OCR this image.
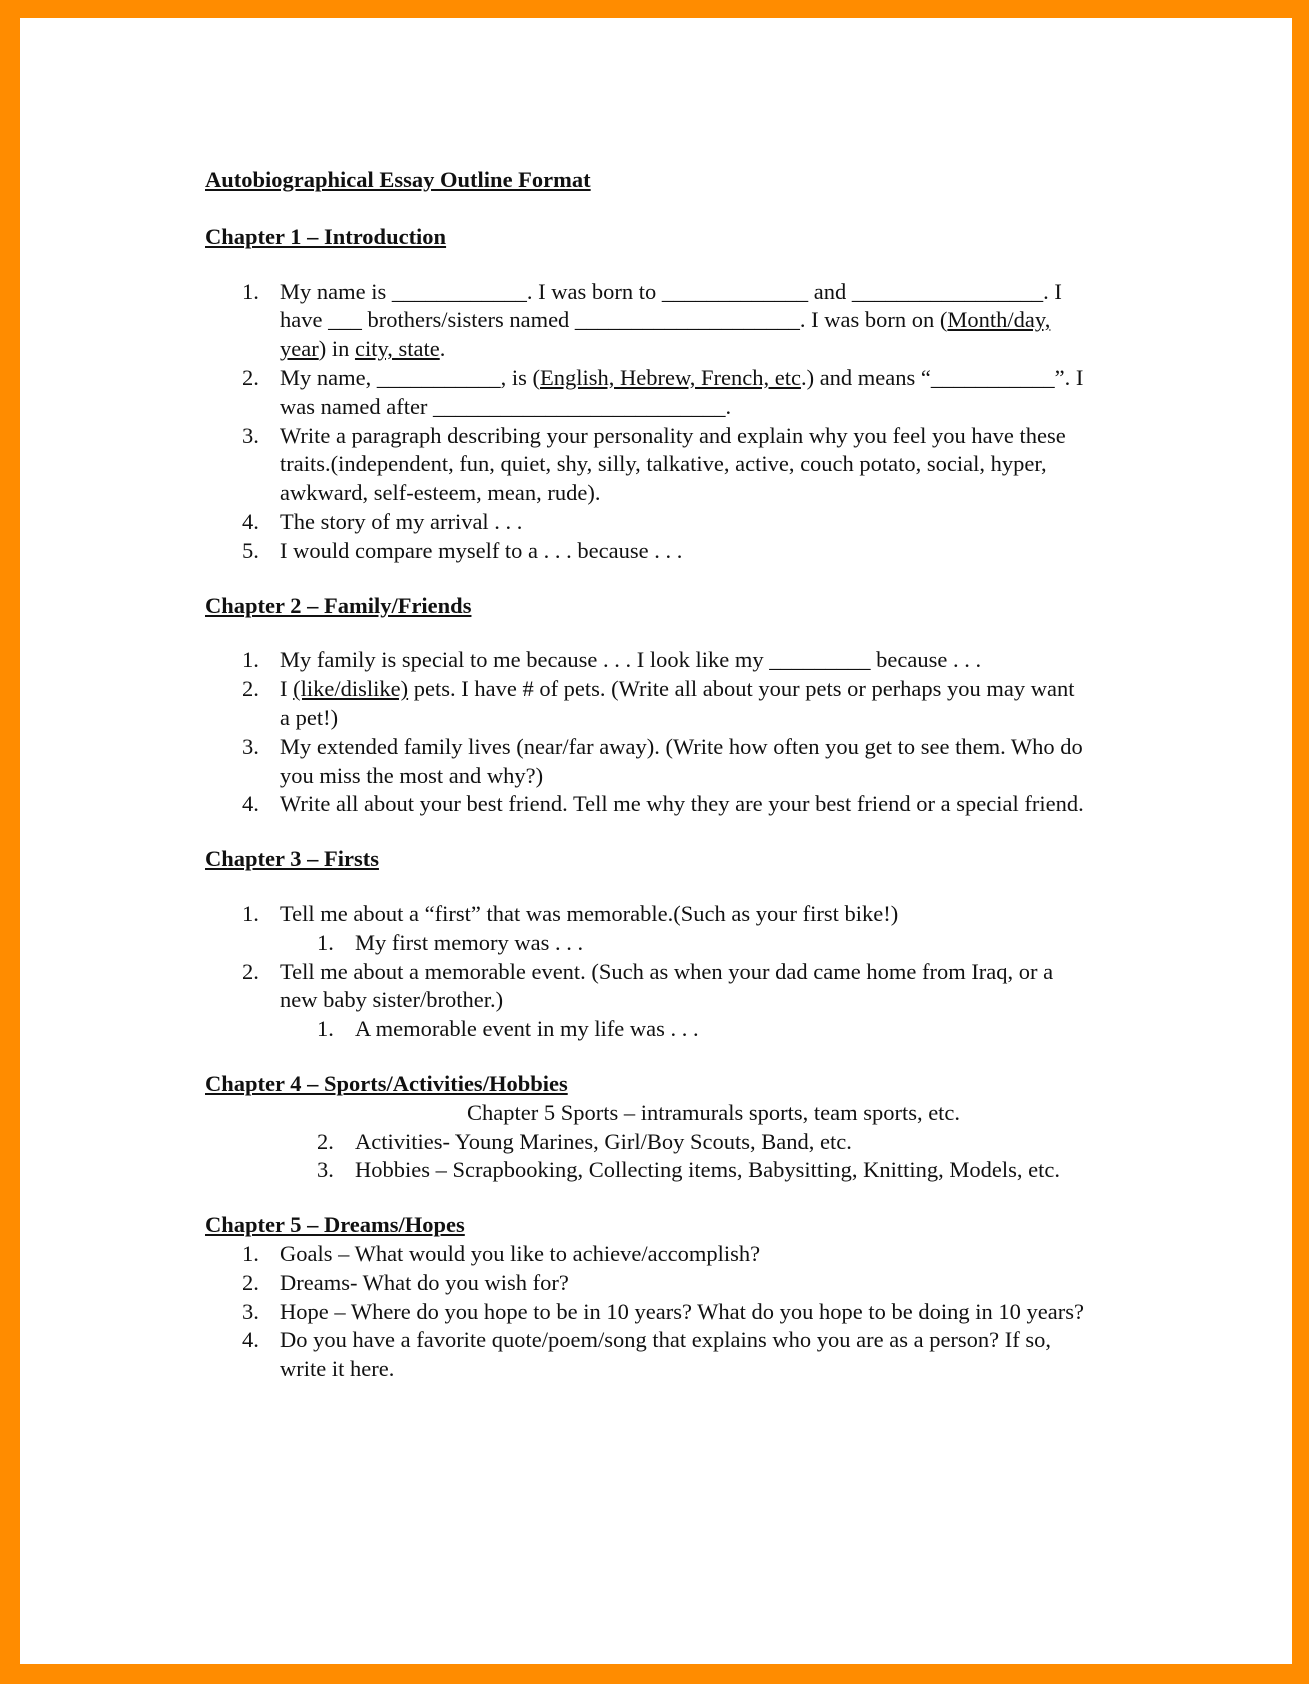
Autobiographical Essay Outline Format
Chapter 1 – Introduction
1. My name is ____________. I was born to _____________ and _________________. I have ___ brothers/sisters named ____________________. I was born on (Month/day, year) in city, state.
2. My name, ___________, is (English, Hebrew, French, etc.) and means “___________”. I was named after __________________________.
3. Write a paragraph describing your personality and explain why you feel you have these traits.(independent, fun, quiet, shy, silly, talkative, active, couch potato, social, hyper, awkward, self-esteem, mean, rude).
4. The story of my arrival . . .
5. I would compare myself to a . . . because . . .
Chapter 2 – Family/Friends
1. My family is special to me because . . . I look like my _________ because . . .
2. I (like/dislike) pets. I have # of pets. (Write all about your pets or perhaps you may want a pet!)
3. My extended family lives (near/far away). (Write how often you get to see them. Who do you miss the most and why?)
4. Write all about your best friend. Tell me why they are your best friend or a special friend.
Chapter 3 – Firsts
1. Tell me about a “first” that was memorable.(Such as your first bike!)
1. My first memory was . . .
2. Tell me about a memorable event. (Such as when your dad came home from Iraq, or a new baby sister/brother.)
1. A memorable event in my life was . . .
Chapter 4 – Sports/Activities/Hobbies
Chapter 5 Sports – intramurals sports, team sports, etc.
2. Activities- Young Marines, Girl/Boy Scouts, Band, etc.
3. Hobbies – Scrapbooking, Collecting items, Babysitting, Knitting, Models, etc.
Chapter 5 – Dreams/Hopes
1. Goals – What would you like to achieve/accomplish?
2. Dreams- What do you wish for?
3. Hope – Where do you hope to be in 10 years? What do you hope to be doing in 10 years?
4. Do you have a favorite quote/poem/song that explains who you are as a person? If so, write it here.
